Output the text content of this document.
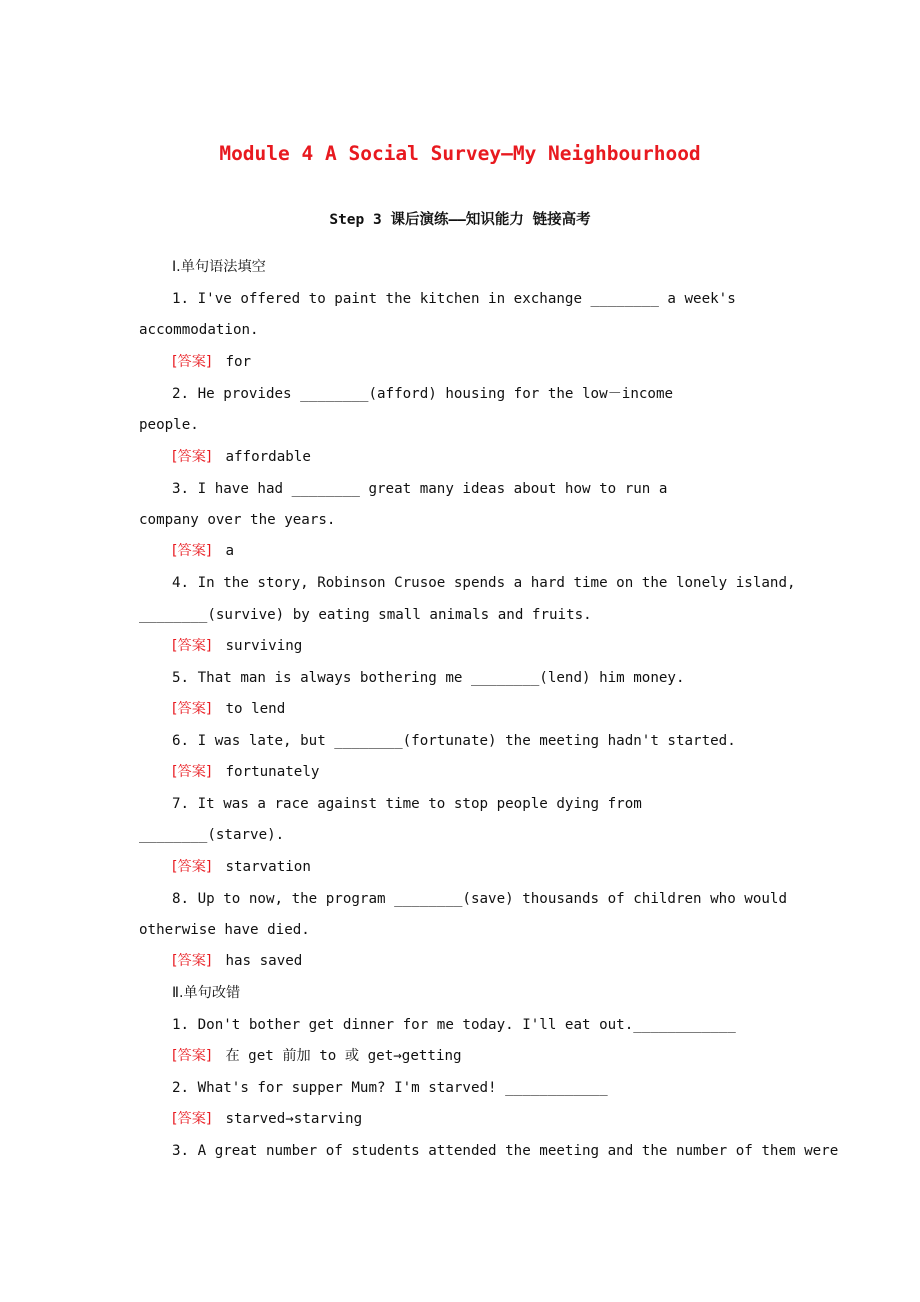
Module 4 A Social Survey—My Neighbourhood
Step 3 课后演练——知识能力 链接高考
Ⅰ.单句语法填空
1. I've offered to paint the kitchen in exchange ________ a week's
accommodation.
[答案] for
2. He provides ________(afford) housing for the low－income
people.
[答案] affordable
3. I have had ________ great many ideas about how to run a
company over the years.
[答案] a
4. In the story, Robinson Crusoe spends a hard time on the lonely island,
________(survive) by eating small animals and fruits.
[答案] surviving
5. That man is always bothering me ________(lend) him money.
[答案] to lend
6. I was late, but ________(fortunate) the meeting hadn't started.
[答案] fortunately
7. It was a race against time to stop people dying from
________(starve).
[答案] starvation
8. Up to now, the program ________(save) thousands of children who would
otherwise have died.
[答案] has saved
Ⅱ.单句改错
1. Don't bother get dinner for me today. I'll eat out.____________
[答案] 在 get 前加 to 或 get→getting
2. What's for supper Mum? I'm starved! ____________
[答案] starved→starving
3. A great number of students attended the meeting and the number of them were
